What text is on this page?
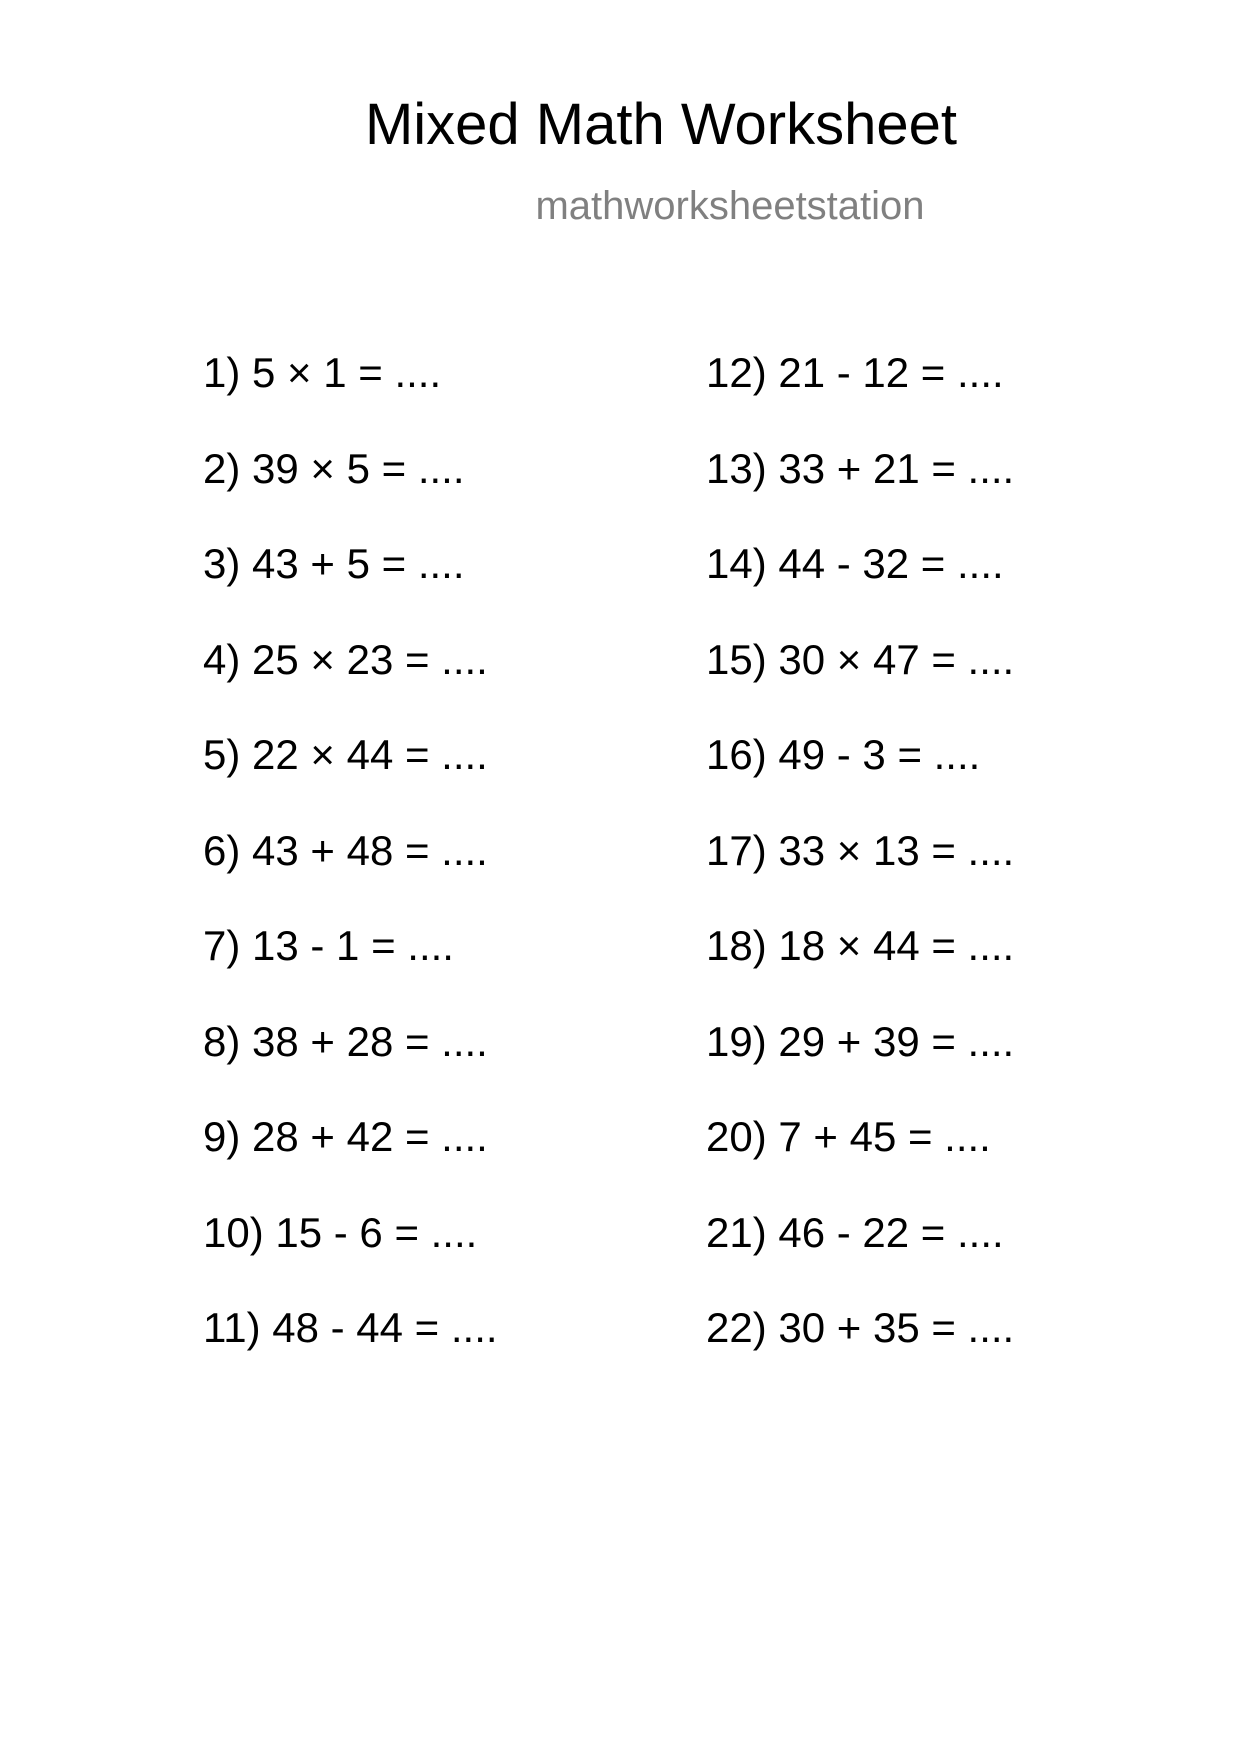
Mixed Math Worksheet
mathworksheetstation
1) 5 × 1 = ....
2) 39 × 5 = ....
3) 43 + 5 = ....
4) 25 × 23 = ....
5) 22 × 44 = ....
6) 43 + 48 = ....
7) 13 - 1 = ....
8) 38 + 28 = ....
9) 28 + 42 = ....
10) 15 - 6 = ....
11) 48 - 44 = ....
12) 21 - 12 = ....
13) 33 + 21 = ....
14) 44 - 32 = ....
15) 30 × 47 = ....
16) 49 - 3 = ....
17) 33 × 13 = ....
18) 18 × 44 = ....
19) 29 + 39 = ....
20) 7 + 45 = ....
21) 46 - 22 = ....
22) 30 + 35 = ....
